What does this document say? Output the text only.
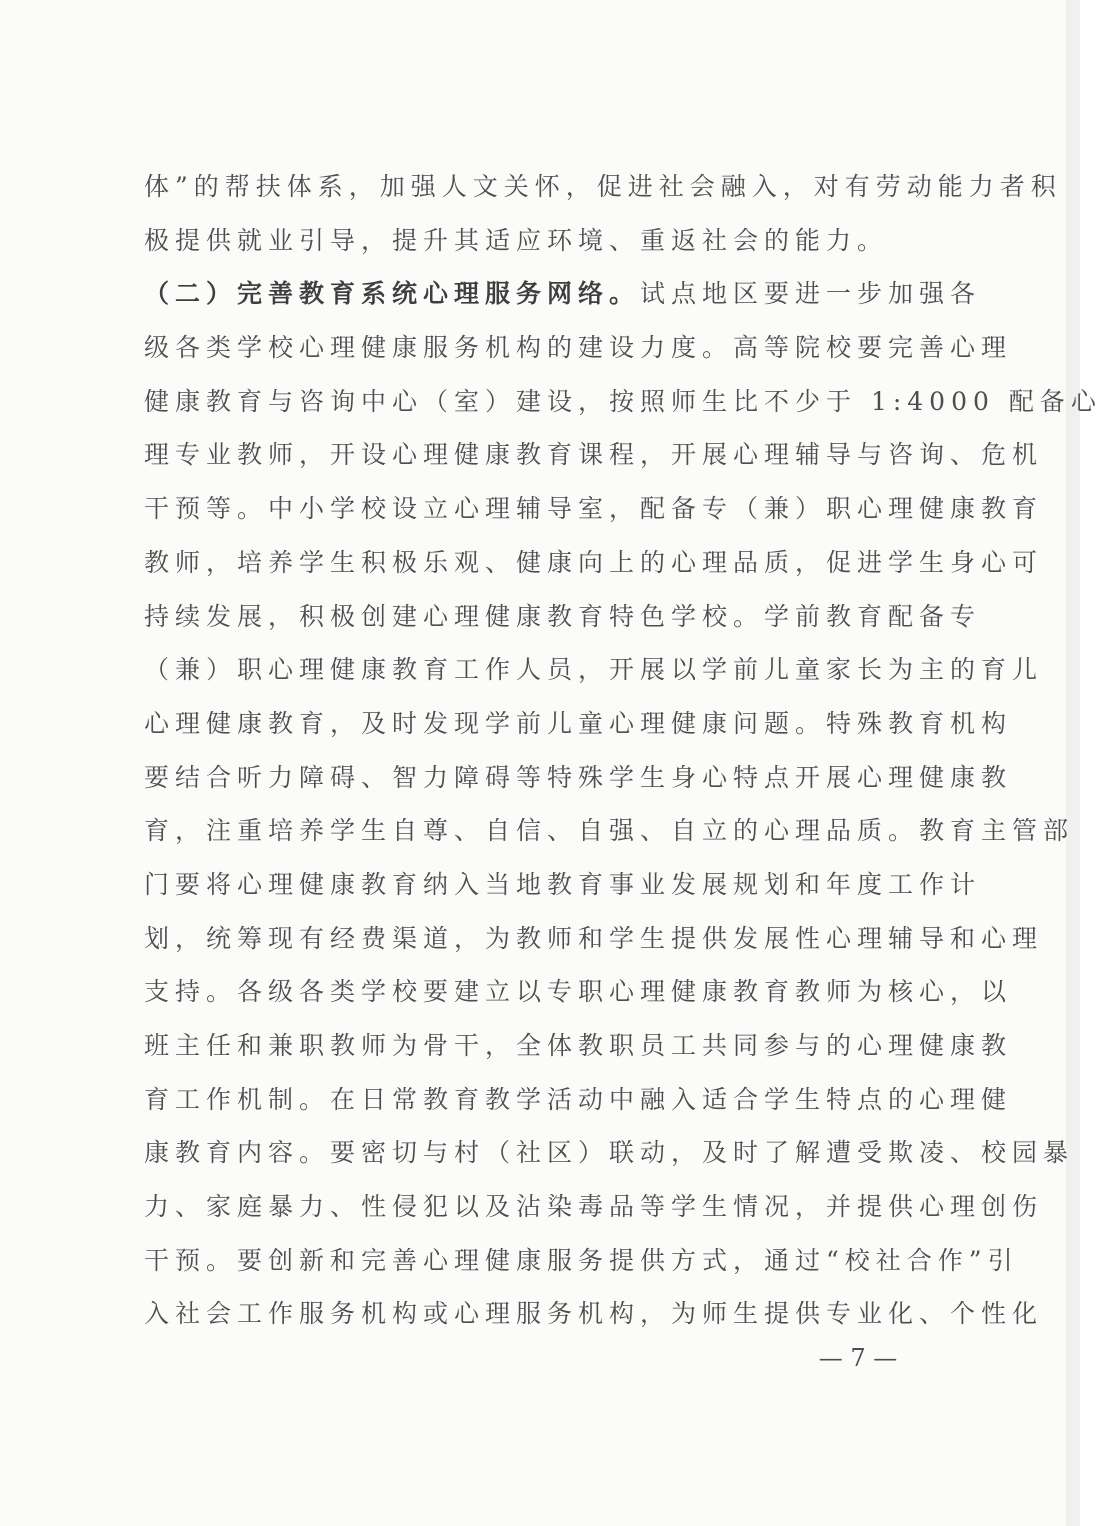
体”的帮扶体系，加强人文关怀，促进社会融入，对有劳动能力者积
极提供就业引导，提升其适应环境、重返社会的能力。
（二）完善教育系统心理服务网络。试点地区要进一步加强各
级各类学校心理健康服务机构的建设力度。高等院校要完善心理
健康教育与咨询中心（室）建设，按照师生比不少于 1:4000 配备心
理专业教师，开设心理健康教育课程，开展心理辅导与咨询、危机
干预等。中小学校设立心理辅导室，配备专（兼）职心理健康教育
教师，培养学生积极乐观、健康向上的心理品质，促进学生身心可
持续发展，积极创建心理健康教育特色学校。学前教育配备专
（兼）职心理健康教育工作人员，开展以学前儿童家长为主的育儿
心理健康教育，及时发现学前儿童心理健康问题。特殊教育机构
要结合听力障碍、智力障碍等特殊学生身心特点开展心理健康教
育，注重培养学生自尊、自信、自强、自立的心理品质。教育主管部
门要将心理健康教育纳入当地教育事业发展规划和年度工作计
划，统筹现有经费渠道，为教师和学生提供发展性心理辅导和心理
支持。各级各类学校要建立以专职心理健康教育教师为核心，以
班主任和兼职教师为骨干，全体教职员工共同参与的心理健康教
育工作机制。在日常教育教学活动中融入适合学生特点的心理健
康教育内容。要密切与村（社区）联动，及时了解遭受欺凌、校园暴
力、家庭暴力、性侵犯以及沾染毒品等学生情况，并提供心理创伤
干预。要创新和完善心理健康服务提供方式，通过“校社合作”引
入社会工作服务机构或心理服务机构，为师生提供专业化、个性化
— 7 —
